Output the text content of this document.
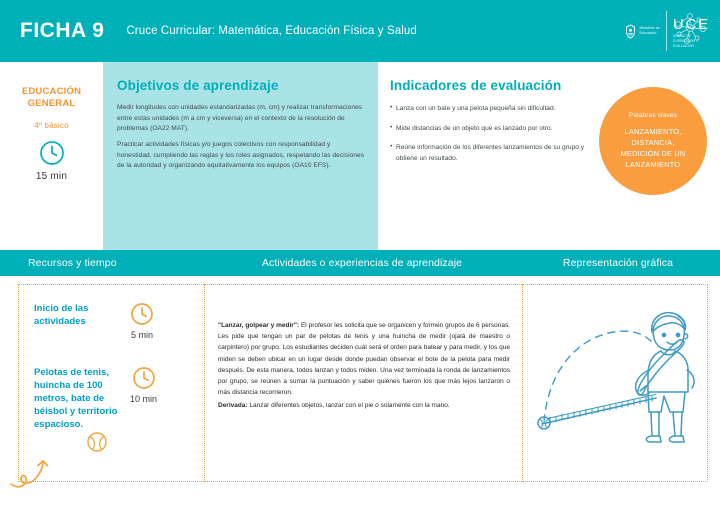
FICHA 9 Cruce Curricular: Matemática, Educación Física y Salud	Ministerio de
Educación UCE
UNIDAD DE
CURRÍCULUM Y
EVALUACIÓN
EDUCACIÓN
GENERAL
4º básico
15 min
Objetivos de aprendizaje
Medir longitudes con unidades estandarizadas (m, cm) y realizar transformaciones entre estas unidades (m a cm y viceversa) en el contexto de la resolución de problemas (OA22 MAT).
Practicar actividades físicas y/o juegos colectivos con responsabilidad y honestidad, cumpliendo las reglas y los roles asignados, respetando las decisiones de la autoridad y organizando equitativamente los equipos (OA10 EFS).
Indicadores de evaluación
• Lanza con un bate y una pelota pequeña sin dificultad.
• Mide distancias de un objeto que es lanzado por otro.
• Reúne información de los diferentes lanzamientos de su grupo y obtiene un resultado.
Palabras claves
LANZAMIENTO,
DISTANCIA,
MEDICIÓN DE UN
LANZAMIENTO
Recursos y tiempo	Actividades o experiencias de aprendizaje	Representación gráfica
Inicio de las actividades
5 min
Pelotas de tenis, huincha de 100 metros, bate de béisbol y territorio espacioso.
10 min
"Lanzar, golpear y medir": El profesor les solicita que se organicen y formen grupos de 6 personas. Les pide que tengan un par de pelotas de tenis y una huincha de medir (ojalá de maestro o carpintero) por grupo. Los estudiantes deciden cuál será el orden para batear y para medir, y los que miden se deben ubicar en un lugar desde donde puedan observar el bote de la pelota para medir después. De esta manera, todos lanzan y todos miden. Una vez terminada la ronda de lanzamientos por grupo, se reúnen a sumar la puntuación y saber quiénes fueron los que más lejos lanzaron o más distancia recorrieron.
Derivada: Lanzar diferentes objetos, lanzar con el pie o solamente con la mano.
